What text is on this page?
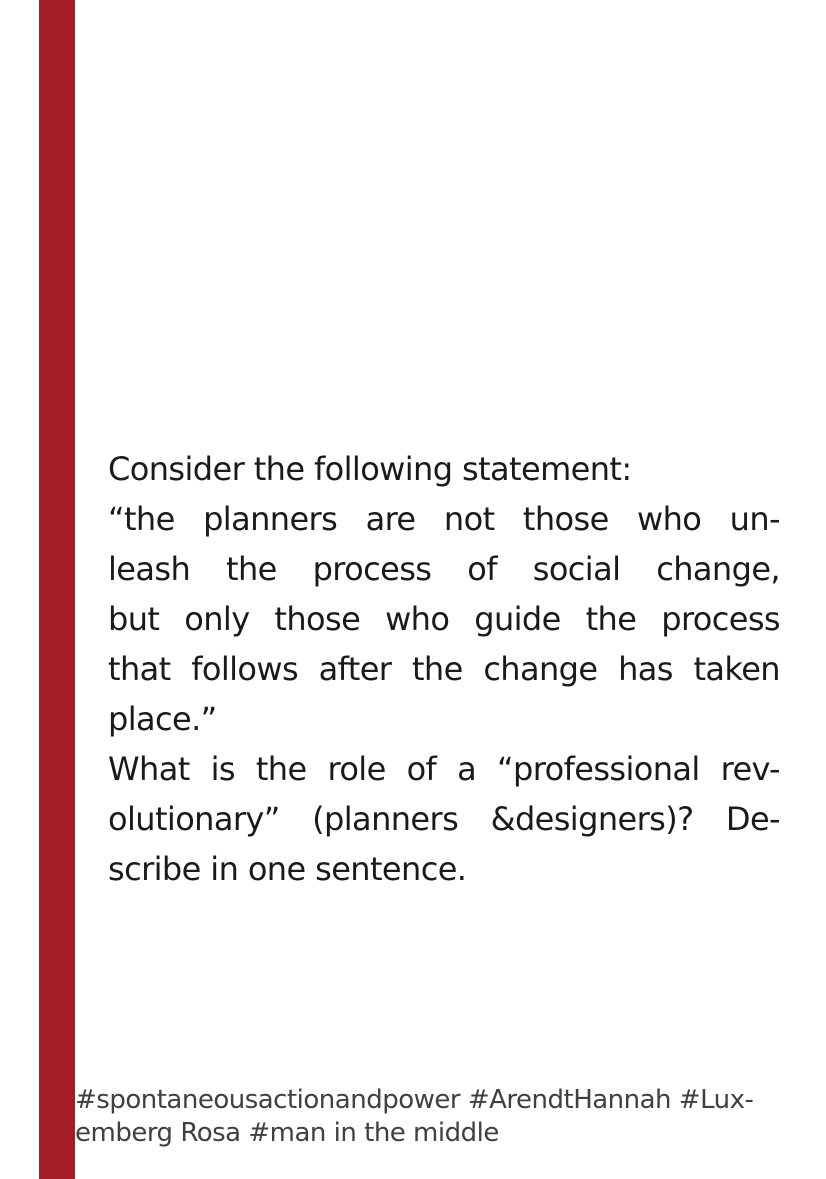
Consider the following statement:

“the planners are not those who un-
leash the process of social change,
but only those who guide the process
that follows after the change has taken
place.”

What is the role of a “professional rev-
olutionary” (planners &designers)? De-
scribe in one sentence.

#spontaneousactionandpower #ArendtHannah #Lux-
emberg Rosa #man in the middle
